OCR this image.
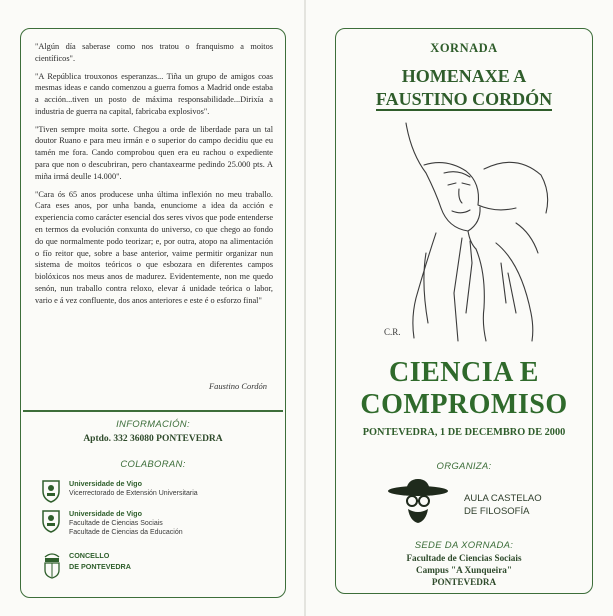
"Algún día saberase como nos tratou o franquismo a moitos científicos".

"A República trouxonos esperanzas... Tiña un grupo de amigos coas mesmas ideas e cando comenzou a guerra fomos a Madrid onde estaba a acción...tiven un posto de máxima responsabilidade...Dirixía a industria de guerra na capital, fabricaba explosivos".

"Tiven sempre moita sorte. Chegou a orde de liberdade para un tal doutor Ruano e para meu irmán e o superior do campo decidiu que eu tamén me fora. Cando comprobou quen era eu rachou o expediente para que non o descubriran, pero chantaxearme pedindo 25.000 pts. A miña irmá deulle 14.000".

"Cara ós 65 anos producese unha última inflexión no meu traballo. Cara eses anos, por unha banda, enunciome a idea da acción e experiencia como carácter esencial dos seres vivos que pode entenderse en termos da evolución conxunta do universo, co que chego ao fondo do que normalmente podo teorizar; e, por outra, atopo na alimentación o fío reitor que, sobre a base anterior, vaime permitir organizar nun sistema de moitos teóricos o que esbozara en diferentes campos biolóxicos nos meus anos de madurez. Evidentemente, non me quedo senón, nun traballo contra reloxo, elevar á unidade teórica o labor, vario e á vez confluente, dos anos anteriores e este é o esforzo final"

Faustino Cordón
INFORMACIÓN:
Aptdo. 332 36080 PONTEVEDRA
COLABORAN:
Universidade de Vigo
Vicerrectorado de Extensión Universitaria
Universidade de Vigo
Facultade de Ciencias Sociais
Facultade de Ciencias da Educación
CONCELLO
DE PONTEVEDRA
XORNADA
HOMENAXE A
FAUSTINO CORDÓN
C.R.
CIENCIA E
COMPROMISO
PONTEVEDRA, 1 DE DECEMBRO DE 2000
ORGANIZA:
AULA CASTELAO
DE FILOSOFÍA
SEDE DA XORNADA:
Facultade de Ciencias Sociais
Campus "A Xunqueira"
PONTEVEDRA
